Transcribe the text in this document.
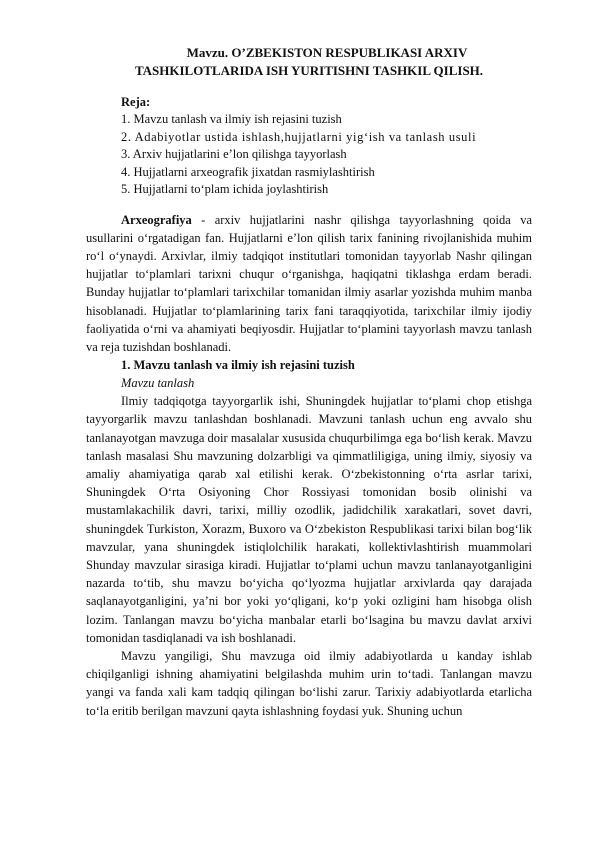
Mavzu. O’ZBEKISTON RESPUBLIKASI ARXIV
TASHKILOTLARIDA ISH YURITISHNI TASHKIL QILISH.
Reja:
1. Mavzu tanlash va ilmiy ish rejasini tuzish
2. Adabiyotlar ustida ishlash,hujjatlarni yig‘ish va tanlash usuli
3. Arxiv hujjatlarini e’lon qilishga tayyorlash
4. Hujjatlarni arxeografik jixatdan rasmiylashtirish
5. Hujjatlarni to‘plam ichida joylashtirish

Arxeografiya - arxiv hujjatlarini nashr qilishga tayyorlashning qoida va usullarini o‘rgatadigan fan. Hujjatlarni e’lon qilish tarix fanining rivojlanishida muhim ro‘l o‘ynaydi. Arxivlar, ilmiy tadqiqot institutlari tomonidan tayyorlab Nashr qilingan hujjatlar to‘plamlari tarixni chuqur o‘rganishga, haqiqatni tiklashga erdam beradi. Bunday hujjatlar to‘plamlari tarixchilar tomanidan ilmiy asarlar yozishda muhim manba hisoblanadi. Hujjatlar to‘plamlarining tarix fani taraqqiyotida, tarixchilar ilmiy ijodiy faoliyatida o‘rni va ahamiyati beqiyosdir. Hujjatlar to‘plamini tayyorlash mavzu tanlash va reja tuzishdan boshlanadi.

1. Mavzu tanlash va ilmiy ish rejasini tuzish
Mavzu tanlash

Ilmiy tadqiqotga tayyorgarlik ishi, Shuningdek hujjatlar to‘plami chop etishga tayyorgarlik mavzu tanlashdan boshlanadi. Mavzuni tanlash uchun eng avvalo shu tanlanayotgan mavzuga doir masalalar xususida chuqurbilimga ega bo‘lish kerak. Mavzu tanlash masalasi Shu mavzuning dolzarbligi va qimmatliligiga, uning ilmiy, siyosiy va amaliy ahamiyatiga qarab xal etilishi kerak. O‘zbekistonning o‘rta asrlar tarixi, Shuningdek O‘rta Osiyoning Chor Rossiyasi tomonidan bosib olinishi va mustamlakachilik davri, tarixi, milliy ozodlik, jadidchilik xarakatlari, sovet davri, shuningdek Turkiston, Xorazm, Buxoro va O‘zbekiston Respublikasi tarixi bilan bog‘lik mavzular, yana shuningdek istiqlolchilik harakati, kollektivlashtirish muammolari Shunday mavzular sirasiga kiradi. Hujjatlar to‘plami uchun mavzu tanlanayotganligini nazarda to‘tib, shu mavzu bo‘yicha qo‘lyozma hujjatlar arxivlarda qay darajada saqlanayotganligini, ya’ni bor yoki yo‘qligani, ko‘p yoki ozligini ham hisobga olish lozim. Tanlangan mavzu bo‘yicha manbalar etarli bo‘lsagina bu mavzu davlat arxivi tomonidan tasdiqlanadi va ish boshlanadi.

Mavzu yangiligi, Shu mavzuga oid ilmiy adabiyotlarda u kanday ishlab chiqilganligi ishning ahamiyatini belgilashda muhim urin to‘tadi. Tanlangan mavzu yangi va fanda xali kam tadqiq qilingan bo‘lishi zarur. Tarixiy adabiyotlarda etarlicha to‘la eritib berilgan mavzuni qayta ishlashning foydasi yuk. Shuning uchun
